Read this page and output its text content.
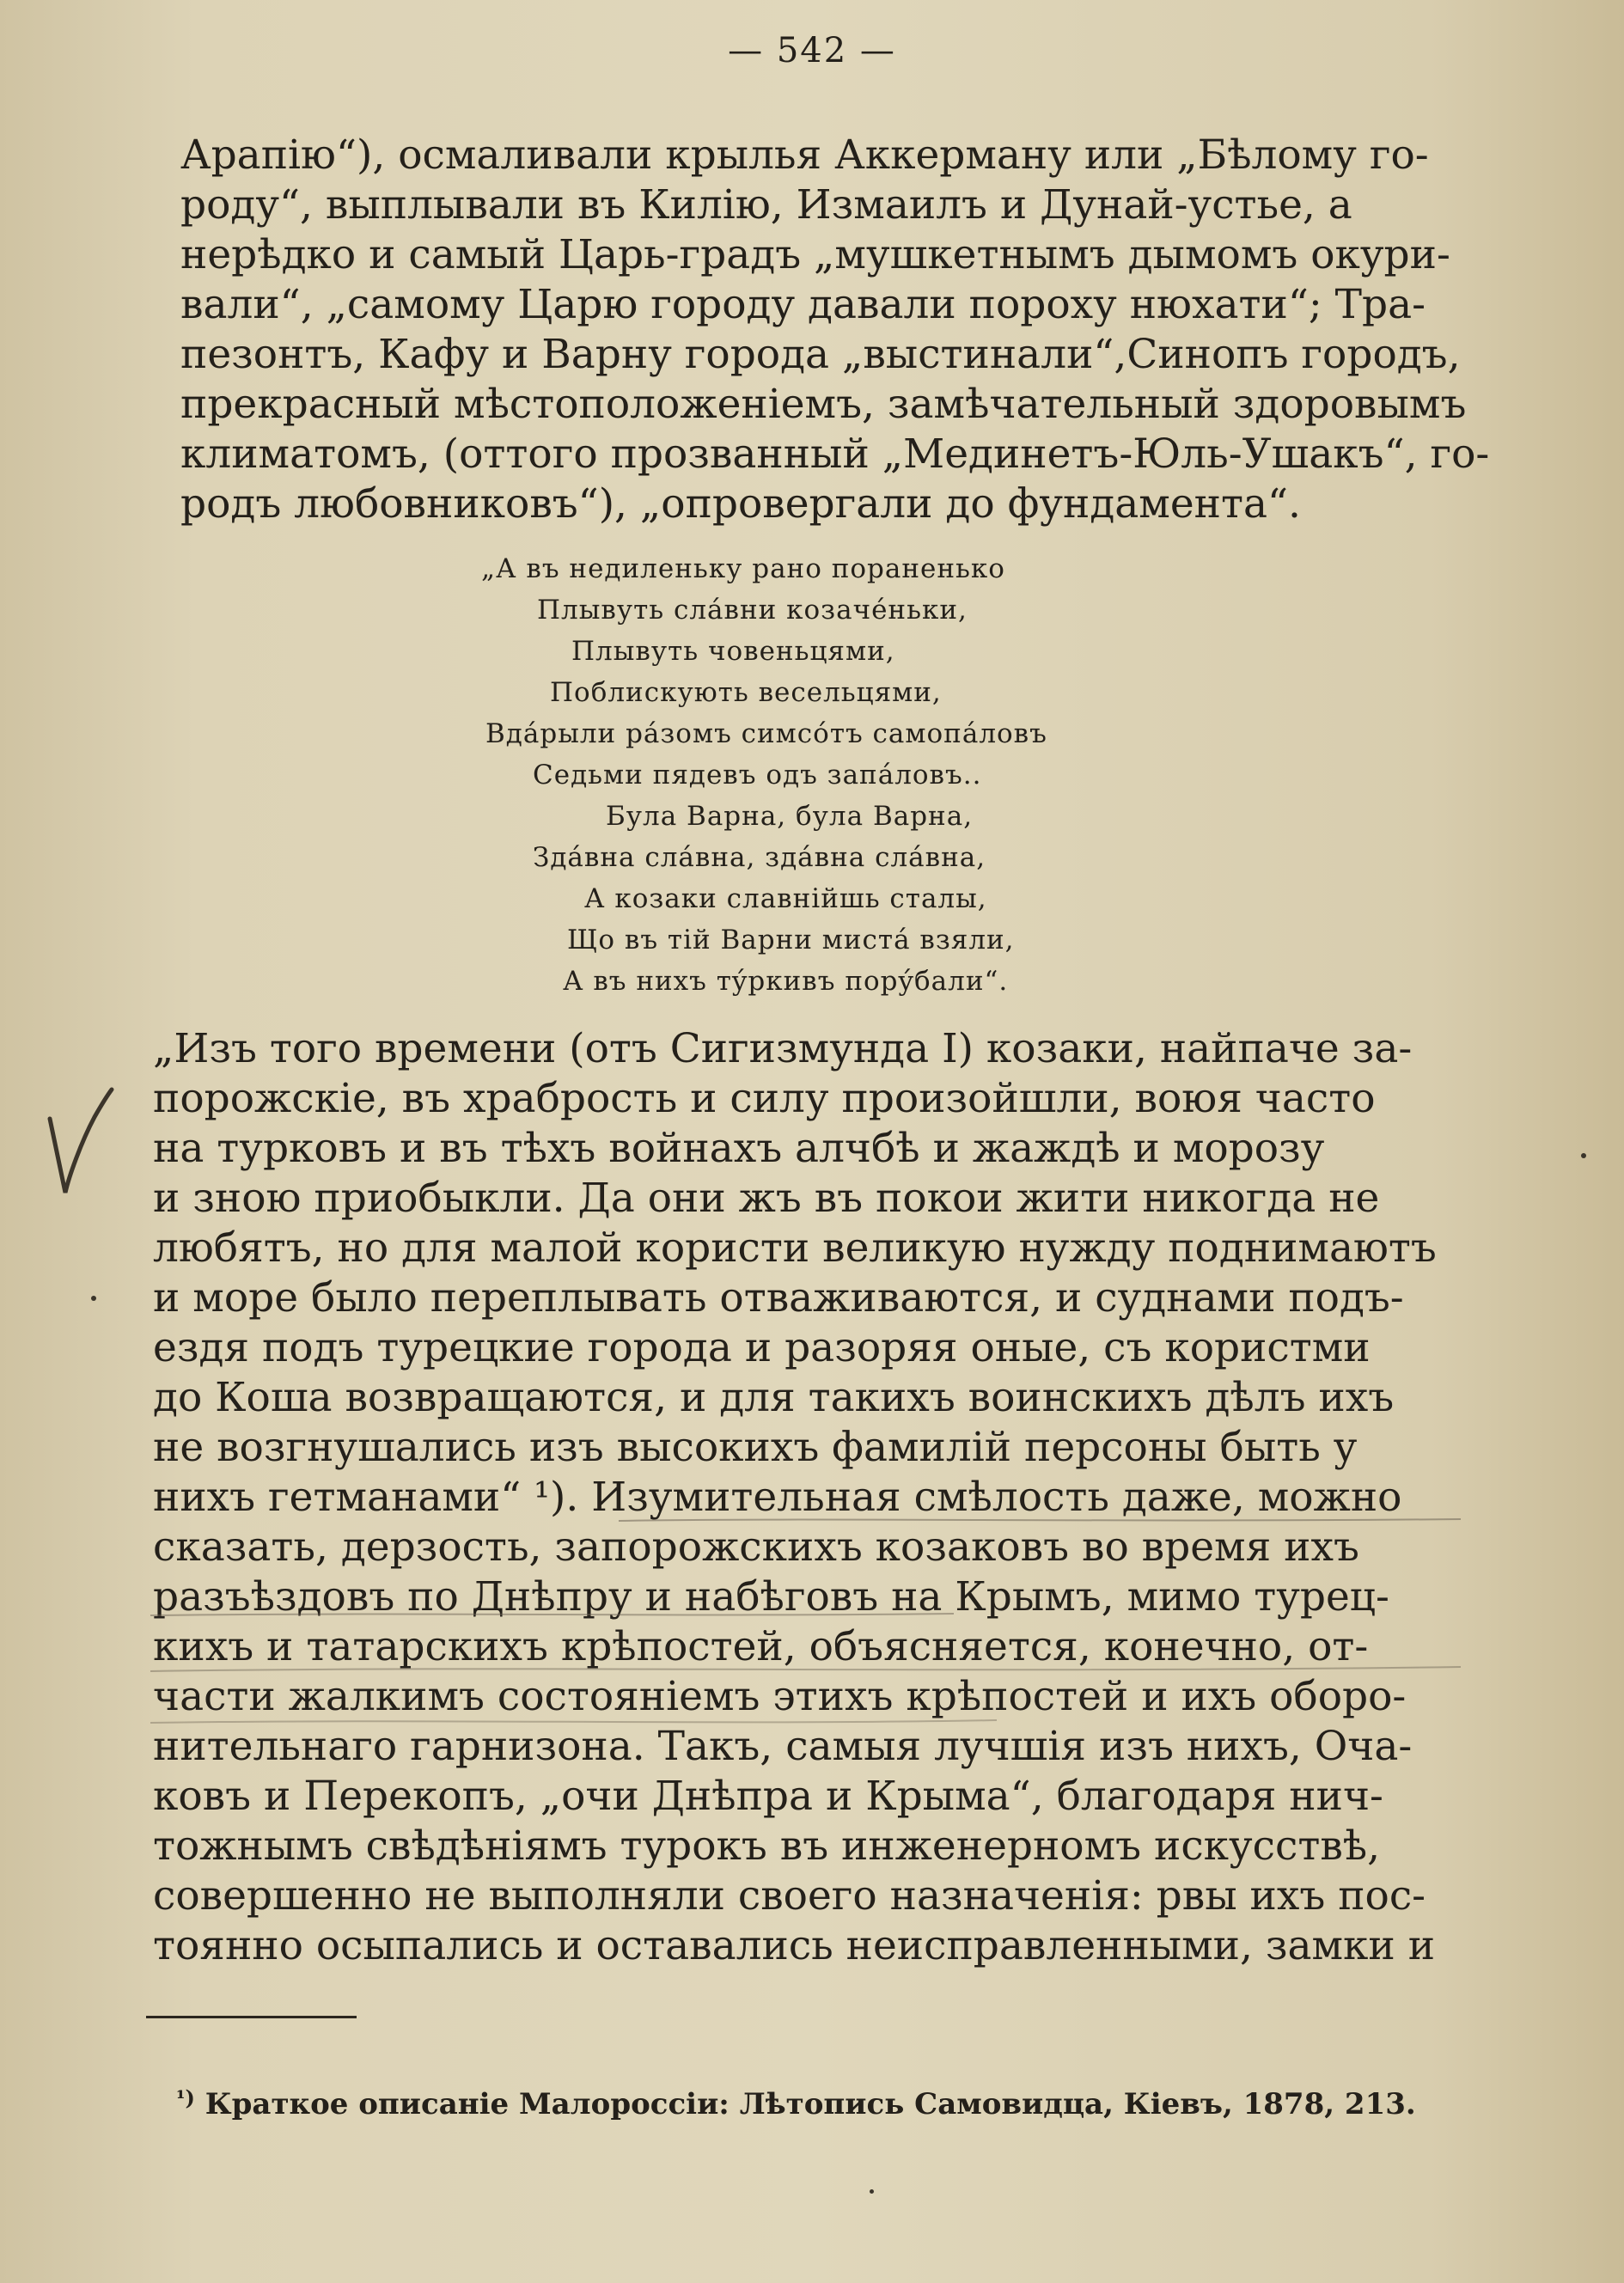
— 542 —
Арапію“), осмаливали крылья Аккерману или „Бѣлому го-
роду“, выплывали въ Килію, Измаилъ и Дунай-устье, а
нерѣдко и самый Царь-градъ „мушкетнымъ дымомъ окури-
вали“, „самому Царю городу давали пороху нюхати“; Тра-
пезонтъ, Кафу и Варну города „выстинали“,Синопъ городъ,
прекрасный мѣстоположеніемъ, замѣчательный здоровымъ
климатомъ, (оттого прозванный „Мединетъ-Юль-Ушакъ“, го-
родъ любовниковъ“), „опровергали до фундамента“.
„А въ недиленьку рано пораненько
Плывуть слáвни козачéньки,
Плывуть човеньцями,
Поблискують весельцями,
Вдáрыли рáзомъ симсóтъ самопáловъ
Седьми пядевъ одъ запáловъ..
Була Варна, була Варна,
Здáвна слáвна, здáвна слáвна,
А козаки славнійшь сталы,
Що въ тій Варни мистá взяли,
А въ нихъ тýркивъ порýбали“.
„Изъ того времени (отъ Сигизмунда I) козаки, найпаче за-
порожскіе, въ храбрость и силу произойшли, воюя часто
на турковъ и въ тѣхъ войнахъ алчбѣ и жаждѣ и морозу
и зною приобыкли. Да они жъ въ покои жити никогда не
любятъ, но для малой користи великую нужду поднимаютъ
и море было переплывать отваживаются, и суднами подъ-
ездя подъ турецкие города и разоряя оные, съ користми
до Коша возвращаются, и для такихъ воинскихъ дѣлъ ихъ
не возгнушались изъ высокихъ фамилій персоны быть у
нихъ гетманами“ ¹). Изумительная смѣлость даже, можно
сказать, дерзость, запорожскихъ козаковъ во время ихъ
разъѣздовъ по Днѣпру и набѣговъ на Крымъ, мимо турец-
кихъ и татарскихъ крѣпостей, объясняется, конечно, от-
части жалкимъ состояніемъ этихъ крѣпостей и ихъ оборо-
нительнаго гарнизона. Такъ, самыя лучшія изъ нихъ, Оча-
ковъ и Перекопъ, „очи Днѣпра и Крыма“, благодаря нич-
тожнымъ свѣдѣніямъ турокъ въ инженерномъ искусствѣ,
совершенно не выполняли своего назначенія: рвы ихъ пос-
тоянно осыпались и оставались неисправленными, замки и
$^{^1)}$ Краткое описаніе Малороссіи: Лѣтопись Самовидца, Кіевъ, 1878, 213.
